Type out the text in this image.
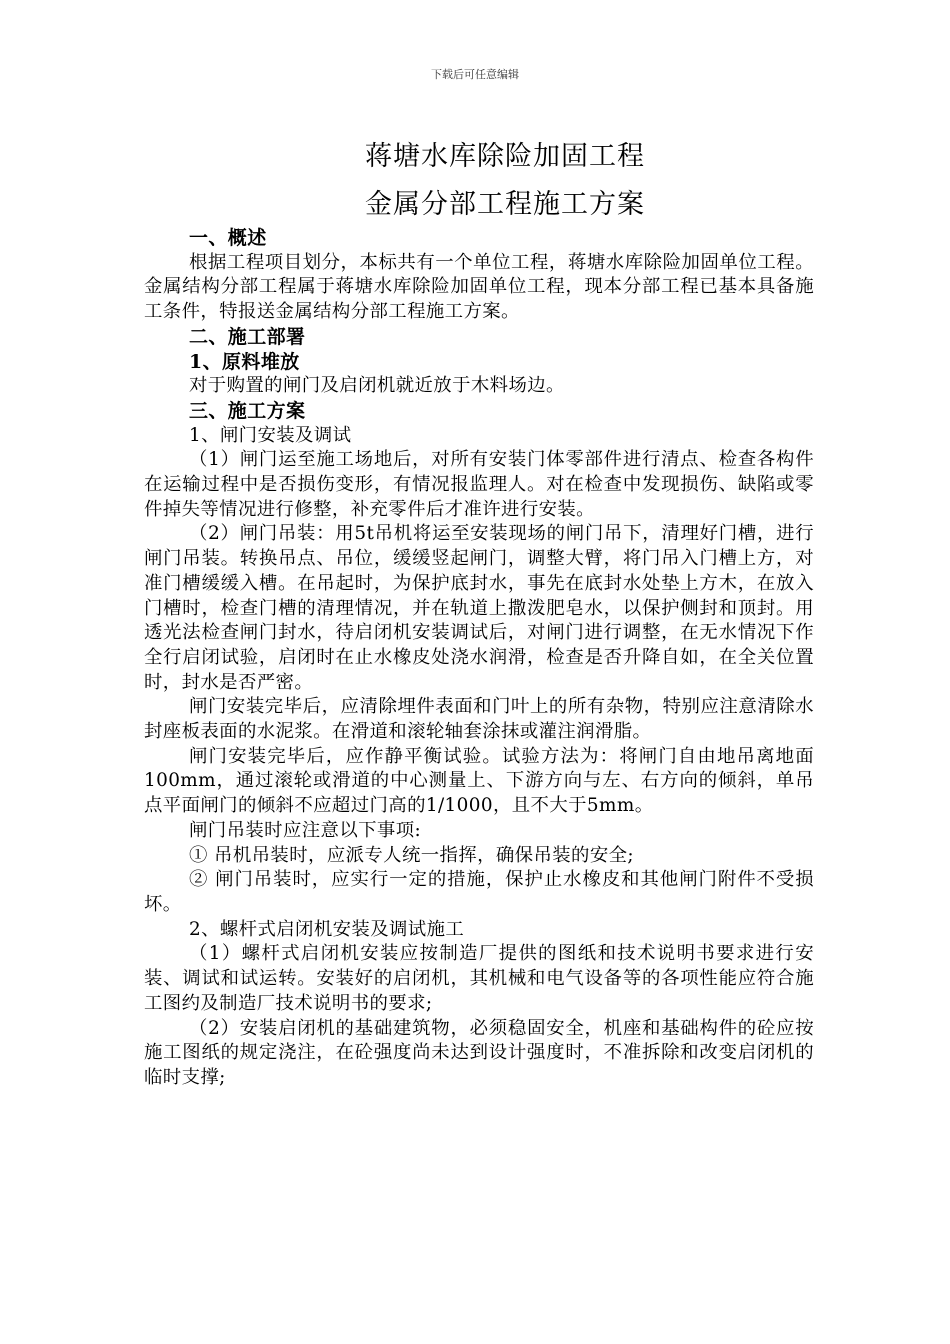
下载后可任意编辑
蒋塘水库除险加固工程
金属分部工程施工方案

一、概述

根据工程项目划分，本标共有一个单位工程，蒋塘水库除险加固单位工程。金属结构分部工程属于蒋塘水库除险加固单位工程，现本分部工程已基本具备施工条件，特报送金属结构分部工程施工方案。

二、施工部署

1、原料堆放

对于购置的闸门及启闭机就近放于木料场边。

三、施工方案

1、闸门安装及调试

（1）闸门运至施工场地后，对所有安装门体零部件进行清点、检查各构件在运输过程中是否损伤变形，有情况报监理人。对在检查中发现损伤、缺陷或零件掉失等情况进行修整，补充零件后才准许进行安装。

（2）闸门吊装：用5t吊机将运至安装现场的闸门吊下，清理好门槽，进行闸门吊装。转换吊点、吊位，缓缓竖起闸门，调整大臂，将门吊入门槽上方，对准门槽缓缓入槽。在吊起时，为保护底封水，事先在底封水处垫上方木，在放入门槽时，检查门槽的清理情况，并在轨道上撒泼肥皂水，以保护侧封和顶封。用透光法检查闸门封水，待启闭机安装调试后，对闸门进行调整，在无水情况下作全行启闭试验，启闭时在止水橡皮处浇水润滑，检查是否升降自如，在全关位置时，封水是否严密。

闸门安装完毕后，应清除埋件表面和门叶上的所有杂物，特别应注意清除水封座板表面的水泥浆。在滑道和滚轮轴套涂抹或灌注润滑脂。

闸门安装完毕后，应作静平衡试验。试验方法为：将闸门自由地吊离地面100mm，通过滚轮或滑道的中心测量上、下游方向与左、右方向的倾斜，单吊点平面闸门的倾斜不应超过门高的1/1000，且不大于5mm。

闸门吊装时应注意以下事项:

① 吊机吊装时，应派专人统一指挥，确保吊装的安全;

② 闸门吊装时，应实行一定的措施，保护止水橡皮和其他闸门附件不受损坏。

2、螺杆式启闭机安装及调试施工

（1）螺杆式启闭机安装应按制造厂提供的图纸和技术说明书要求进行安装、调试和试运转。安装好的启闭机，其机械和电气设备等的各项性能应符合施工图约及制造厂技术说明书的要求;

（2）安装启闭机的基础建筑物，必须稳固安全，机座和基础构件的砼应按施工图纸的规定浇注，在砼强度尚未达到设计强度时，不准拆除和改变启闭机的临时支撑;
